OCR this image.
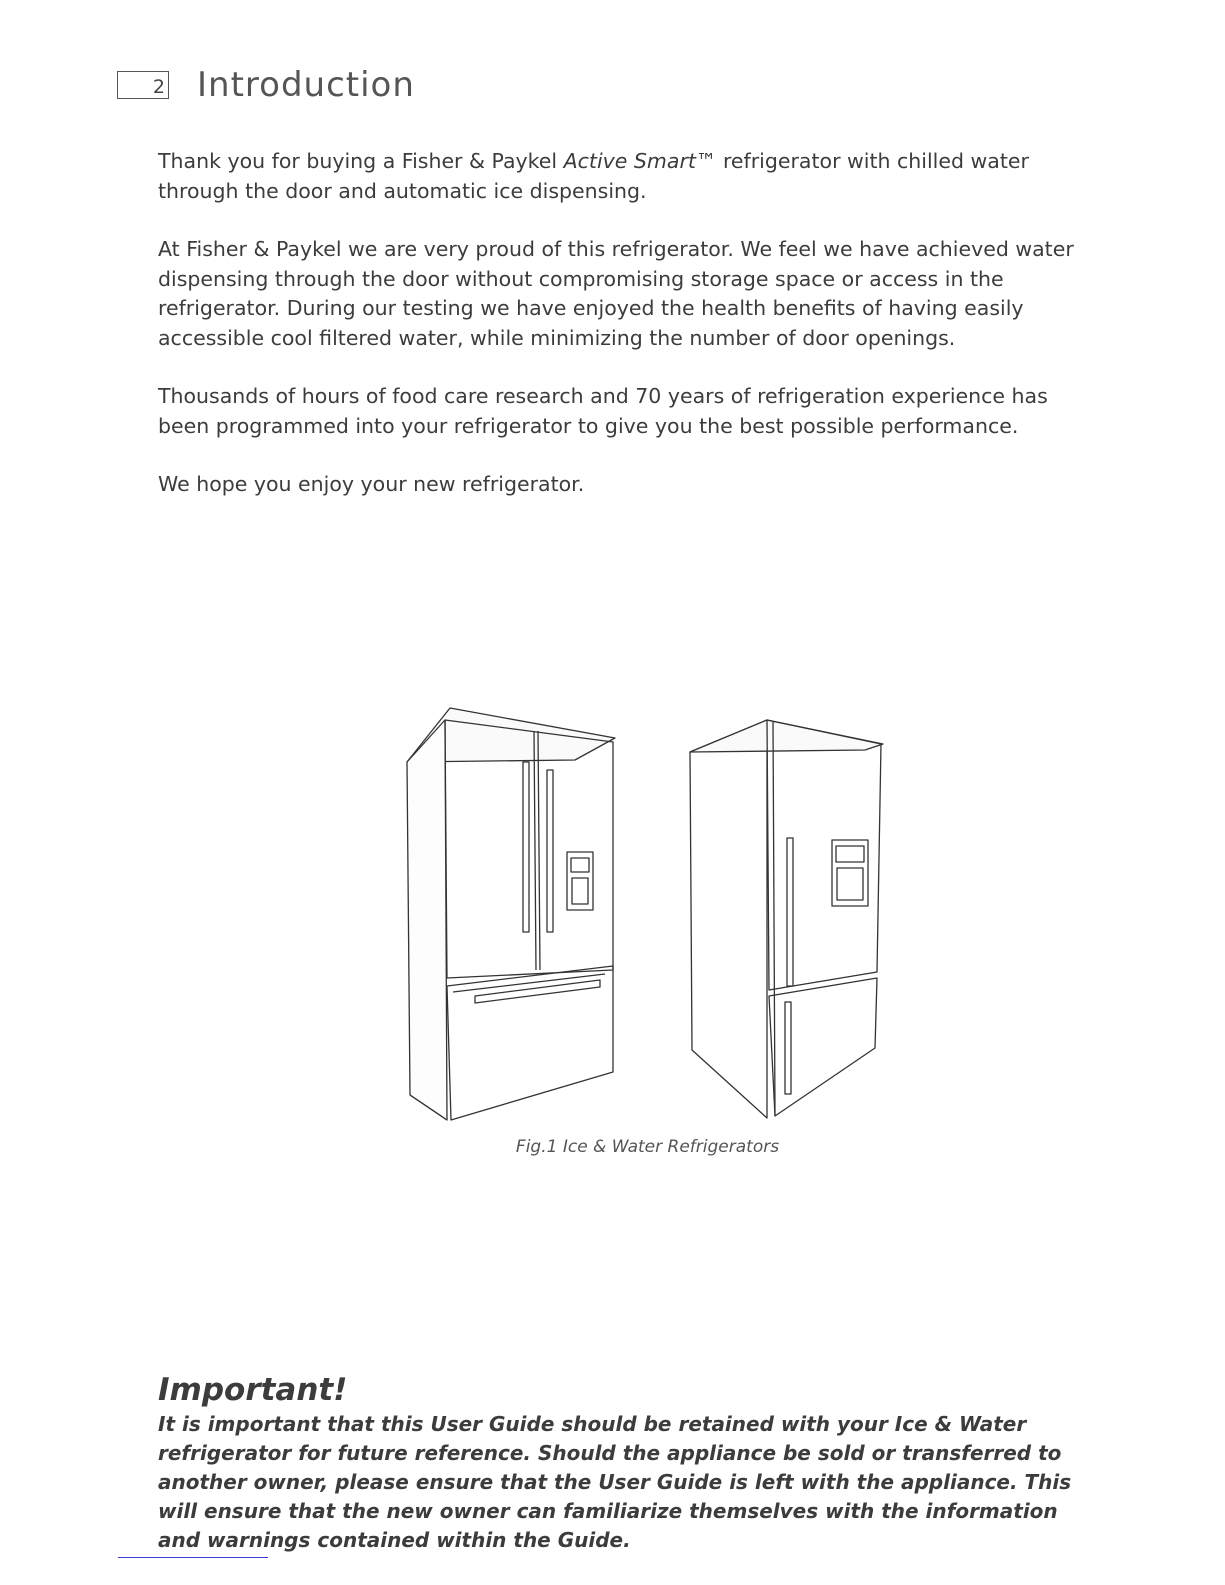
2 Introduction

Thank you for buying a Fisher & Paykel Active Smart™ refrigerator with chilled water through the door and automatic ice dispensing.

At Fisher & Paykel we are very proud of this refrigerator. We feel we have achieved water dispensing through the door without compromising storage space or access in the refrigerator. During our testing we have enjoyed the health benefits of having easily accessible cool filtered water, while minimizing the number of door openings.

Thousands of hours of food care research and 70 years of refrigeration experience has been programmed into your refrigerator to give you the best possible performance.

We hope you enjoy your new refrigerator.

Fig.1 Ice & Water Refrigerators
Important!

It is important that this User Guide should be retained with your Ice & Water refrigerator for future reference. Should the appliance be sold or transferred to another owner, please ensure that the User Guide is left with the appliance. This will ensure that the new owner can familiarize themselves with the information and warnings contained within the Guide.
